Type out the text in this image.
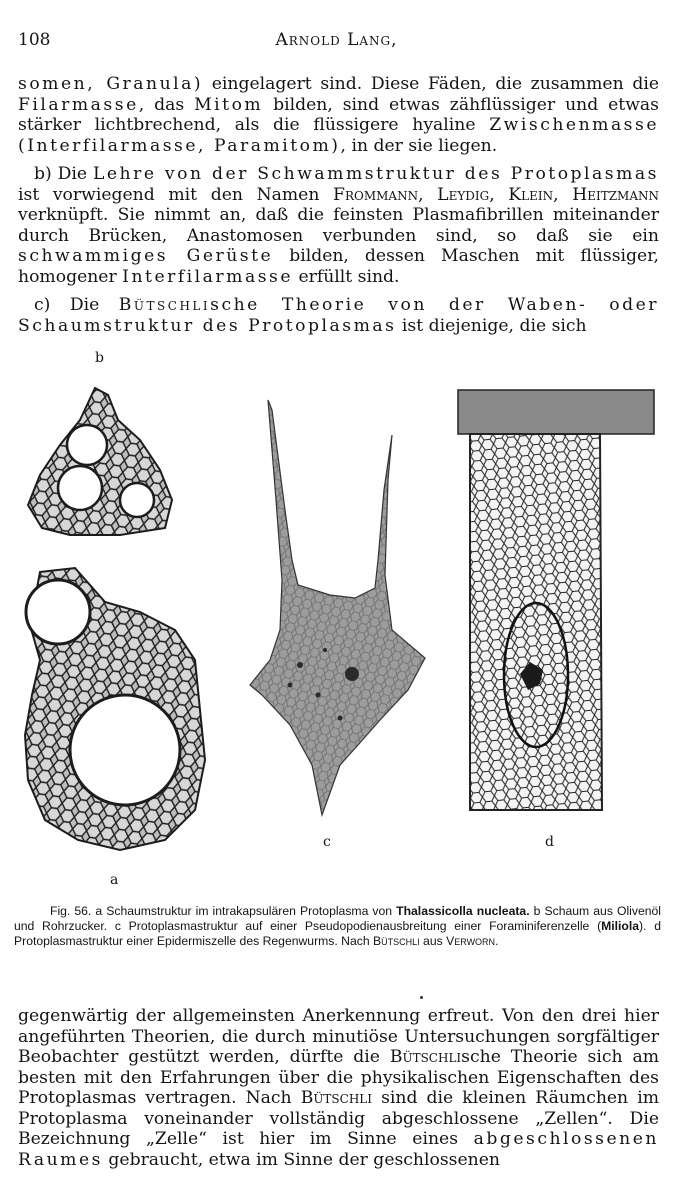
108	Arnold Lang,

somen, Granula) eingelagert sind. Diese Fäden, die zusammen die Filarmasse, das Mitom bilden, sind etwas zähflüssiger und etwas stärker lichtbrechend, als die flüssigere hyaline Zwischenmasse (Interfilarmasse, Paramitom), in der sie liegen.

b) Die Lehre von der Schwammstruktur des Protoplasmas ist vorwiegend mit den Namen Frommann, Leydig, Klein, Heitzmann verknüpft. Sie nimmt an, daß die feinsten Plasmafibrillen miteinander durch Brücken, Anastomosen verbunden sind, so daß sie ein schwammiges Gerüste bilden, dessen Maschen mit flüssiger, homogener Interfilarmasse erfüllt sind.

c) Die Bütschlische Theorie von der Waben- oder Schaumstruktur des Protoplasmas ist diejenige, die sich

b
c	d
a
Fig. 56. a Schaumstruktur im intrakapsulären Protoplasma von Thalassicolla nucleata. b Schaum aus Olivenöl und Rohrzucker. c Protoplasmastruktur auf einer Pseudopodienausbreitung einer Foraminiferenzelle (Miliola). d Protoplasmastruktur einer Epidermiszelle des Regenwurms. Nach Bütschli aus Verworn.

gegenwärtig der allgemeinsten Anerkennung erfreut. Von den drei hier angeführten Theorien, die durch minutiöse Untersuchungen sorgfältiger Beobachter gestützt werden, dürfte die Bütschlische Theorie sich am besten mit den Erfahrungen über die physikalischen Eigenschaften des Protoplasmas vertragen. Nach Bütschli sind die kleinen Räumchen im Protoplasma voneinander vollständig abgeschlossene „Zellen“. Die Bezeichnung „Zelle“ ist hier im Sinne eines abgeschlossenen Raumes gebraucht, etwa im Sinne der geschlossenen
